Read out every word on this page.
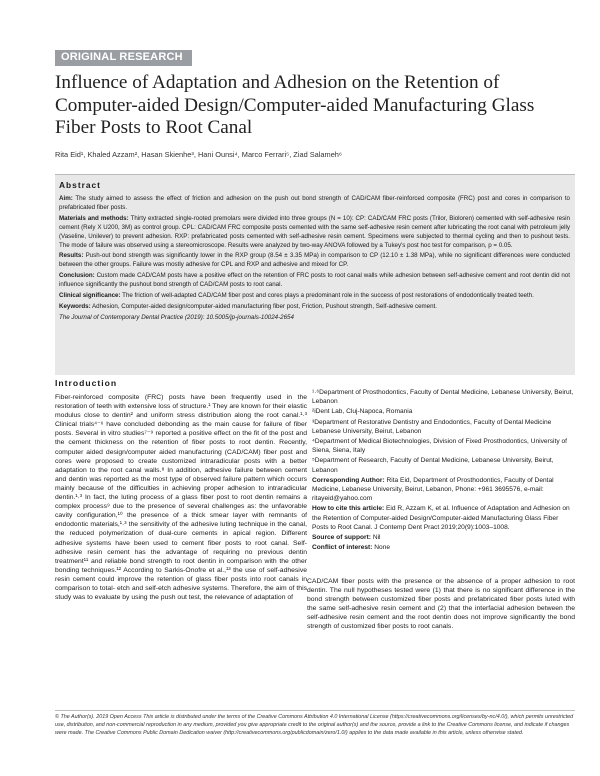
ORIGINAL RESEARCH
Influence of Adaptation and Adhesion on the Retention of Computer-aided Design/Computer-aided Manufacturing Glass Fiber Posts to Root Canal
Rita Eid¹, Khaled Azzam², Hasan Skienhe³, Hani Ounsi⁴, Marco Ferrari⁵, Ziad Salameh⁶
Abstract

Aim: The study aimed to assess the effect of friction and adhesion on the push out bond strength of CAD/CAM fiber-reinforced composite (FRC) post and cores in comparison to prefabricated fiber posts.

Materials and methods: Thirty extracted single-rooted premolars were divided into three groups (N = 10): CP: CAD/CAM FRC posts (Trilor, Bioloren) cemented with self-adhesive resin cement (Rely X U200, 3M) as control group. CPL: CAD/CAM FRC composite posts cemented with the same self-adhesive resin cement after lubricating the root canal with petroleum jelly (Vaseline, Unilever) to prevent adhesion. RXP: prefabricated posts cemented with self-adhesive resin cement. Specimens were subjected to thermal cycling and then to pushout tests. The mode of failure was observed using a stereomicroscope. Results were analyzed by two-way ANOVA followed by a Tukey's post hoc test for comparison, p = 0.05.

Results: Push-out bond strength was significantly lower in the RXP group (8.54 ± 3.35 MPa) in comparison to CP (12.10 ± 1.38 MPa), while no significant differences were conducted between the other groups. Failure was mostly adhesive for CPL and RXP and adhesive and mixed for CP.

Conclusion: Custom made CAD/CAM posts have a positive effect on the retention of FRC posts to root canal walls while adhesion between self-adhesive cement and root dentin did not influence significantly the pushout bond strength of CAD/CAM posts to root canal.

Clinical significance: The friction of well-adapted CAD/CAM fiber post and cores plays a predominant role in the success of post restorations of endodontically treated teeth.

Keywords: Adhesion, Computer-aided design/computer-aided manufacturing fiber post, Friction, Pushout strength, Self-adhesive cement.

The Journal of Contemporary Dental Practice (2019): 10.5005/jp-journals-10024-2654

Introduction

Fiber-reinforced composite (FRC) posts have been frequently used in the restoration of teeth with extensive loss of structure.¹ They are known for their elastic modulus close to dentin² and uniform stress distribution along the root canal.¹·³ Clinical trials⁴⁻⁶ have concluded debonding as the main cause for failure of fiber posts. Several in vitro studies⁷⁻⁹ reported a positive effect on the fit of the post and the cement thickness on the retention of fiber posts to root dentin. Recently, computer aided design/computer aided manufacturing (CAD/CAM) fiber post and cores were proposed to create customized intraradicular posts with a better adaptation to the root canal walls.⁸ In addition, adhesive failure between cement and dentin was reported as the most type of observed failure pattern which occurs mainly because of the difficulties in achieving proper adhesion to intraradicular dentin.¹·³ In fact, the luting process of a glass fiber post to root dentin remains a complex process⁹ due to the presence of several challenges as: the unfavorable cavity configuration,¹⁰ the presence of a thick smear layer with remnants of endodontic materials,¹·³ the sensitivity of the adhesive luting technique in the canal, the reduced polymerization of dual-cure cements in apical region. Different adhesive systems have been used to cement fiber posts to root canal. Self-adhesive resin cement has the advantage of requiring no previous dentin treatment¹¹ and reliable bond strength to root dentin in comparison with the other bonding techniques.¹² According to Sarkis-Onofre et al.,¹³ the use of self-adhesive resin cement could improve the retention of glass fiber posts into root canals in comparison to total- etch and self-etch adhesive systems. Therefore, the aim of this study was to evaluate by using the push out test, the relevance of adaptation of

¹·⁶Department of Prosthodontics, Faculty of Dental Medicine, Lebanese University, Beirut, Lebanon

²iDent Lab, Cluj-Napoca, Romania

³Department of Restorative Dentistry and Endodontics, Faculty of Dental Medicine Lebanese University, Beirut, Lebanon

⁴Department of Medical Biotechnologies, Division of Fixed Prosthodontics, University of Siena, Siena, Italy

⁵Department of Research, Faculty of Dental Medicine, Lebanese University, Beirut, Lebanon

Corresponding Author: Rita Eid, Department of Prosthodontics, Faculty of Dental Medicine, Lebanese University, Beirut, Lebanon, Phone: +961 3695576, e-mail: ritayeid@yahoo.com

How to cite this article: Eid R, Azzam K, et al. Influence of Adaptation and Adhesion on the Retention of Computer-aided Design/Computer-aided Manufacturing Glass Fiber Posts to Root Canal. J Contemp Dent Pract 2019;20(9):1003–1008.

Source of support: Nil

Conflict of interest: None

CAD/CAM fiber posts with the presence or the absence of a proper adhesion to root dentin. The null hypotheses tested were (1) that there is no significant difference in the bond strength between customized fiber posts and prefabricated fiber posts luted with the same self-adhesive resin cement and (2) that the interfacial adhesion between the self-adhesive resin cement and the root dentin does not improve significantly the bond strength of customized fiber posts to root canals.

© The Author(s). 2019 Open Access This article is distributed under the terms of the Creative Commons Attribution 4.0 International License (https://creativecommons.org/licenses/by-nc/4.0/), which permits unrestricted use, distribution, and non-commercial reproduction in any medium, provided you give appropriate credit to the original author(s) and the source, provide a link to the Creative Commons license, and indicate if changes were made. The Creative Commons Public Domain Dedication waiver (http://creativecommons.org/publicdomain/zero/1.0/) applies to the data made available in this article, unless otherwise stated.
